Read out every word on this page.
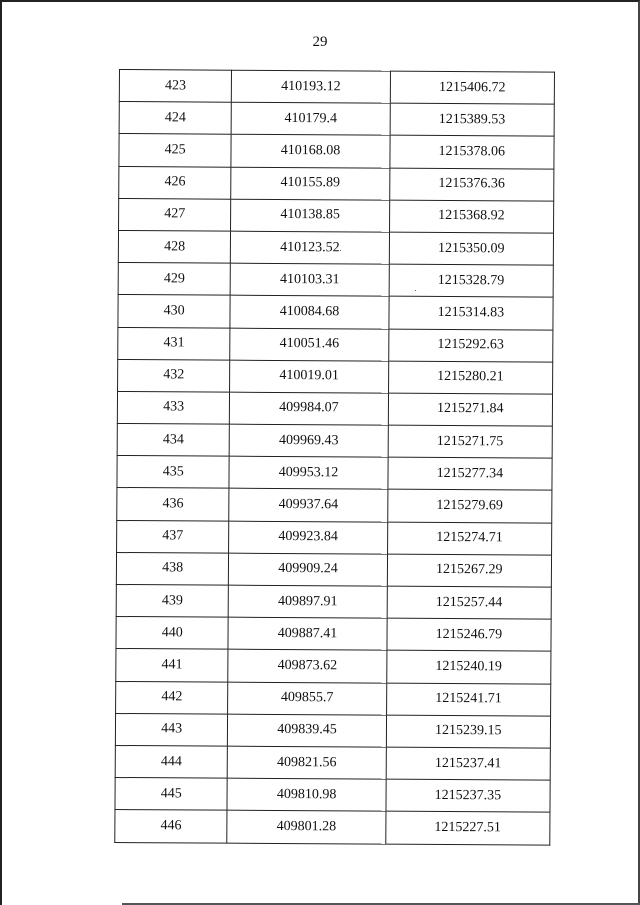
29
423	410193.12	1215406.72
424	410179.4	1215389.53
425	410168.08	1215378.06
426	410155.89	1215376.36
427	410138.85	1215368.92
428	410123.52	1215350.09
429	410103.31	1215328.79
430	410084.68	1215314.83
431	410051.46	1215292.63
432	410019.01	1215280.21
433	409984.07	1215271.84
434	409969.43	1215271.75
435	409953.12	1215277.34
436	409937.64	1215279.69
437	409923.84	1215274.71
438	409909.24	1215267.29
439	409897.91	1215257.44
440	409887.41	1215246.79
441	409873.62	1215240.19
442	409855.7	1215241.71
443	409839.45	1215239.15
444	409821.56	1215237.41
445	409810.98	1215237.35
446	409801.28	1215227.51
